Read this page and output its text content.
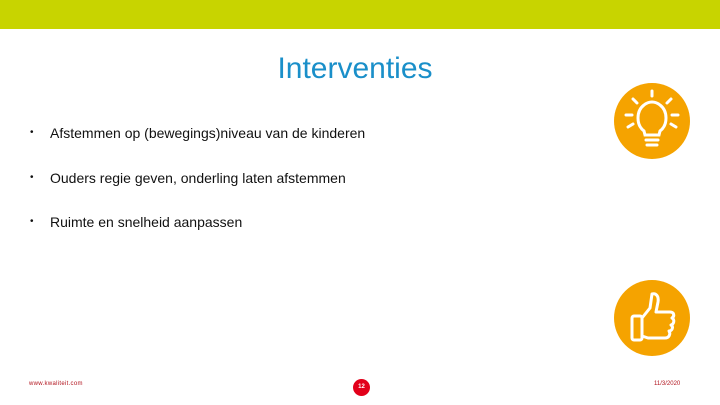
Interventies
• Afstemmen op (bewegings)niveau van de kinderen
• Ouders regie geven, onderling laten afstemmen
• Ruimte en snelheid aanpassen
www.kwaliteit.com	12	11/3/2020
